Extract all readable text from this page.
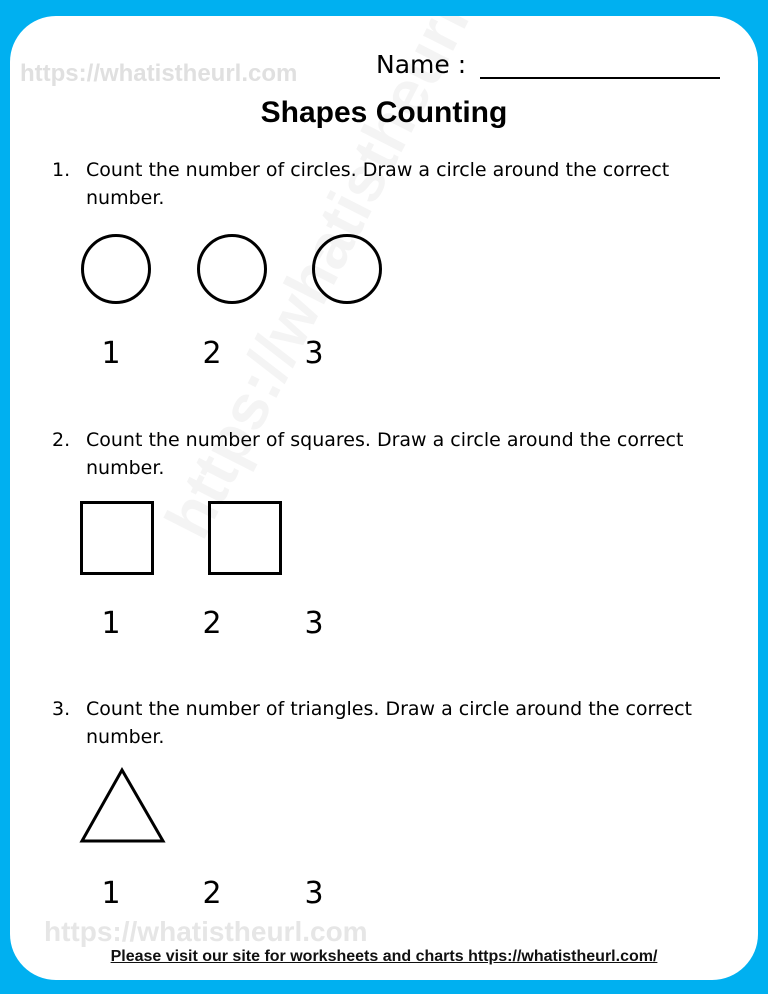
https://whatistheurl.com	Name :
Shapes Counting
1. Count the number of circles. Draw a circle around the correct number.
1	2	3
2. Count the number of squares. Draw a circle around the correct number.
1	2	3
3. Count the number of triangles. Draw a circle around the correct number.
1	2	3
https://whatistheurl.com
Please visit our site for worksheets and charts https://whatistheurl.com/
